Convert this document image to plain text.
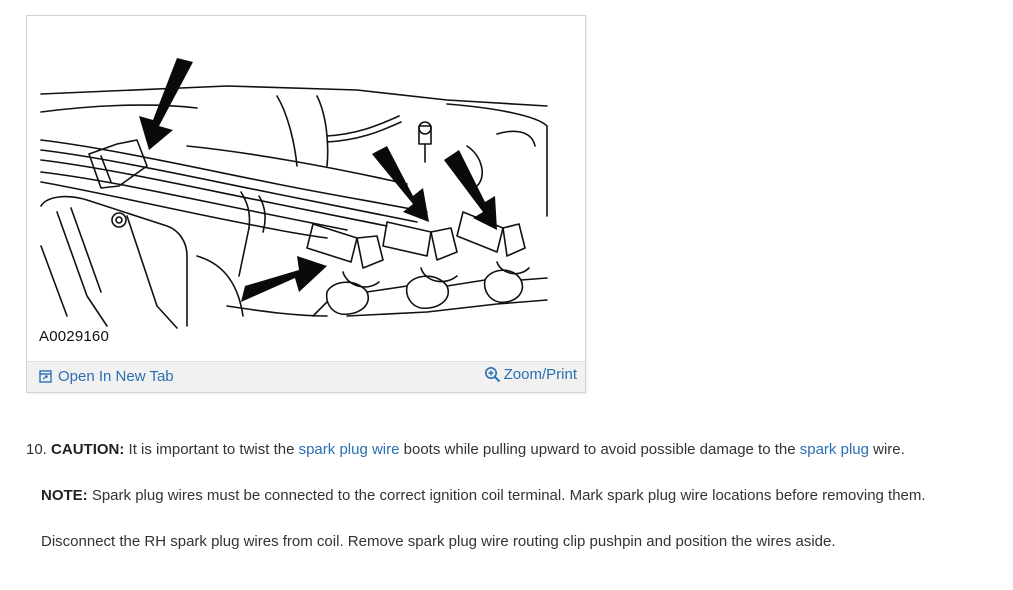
A0029160
Open In New Tab	Zoom/Print

10. CAUTION: It is important to twist the spark plug wire boots while pulling upward to avoid possible damage to the spark plug wire.

NOTE: Spark plug wires must be connected to the correct ignition coil terminal. Mark spark plug wire locations before removing them.

Disconnect the RH spark plug wires from coil. Remove spark plug wire routing clip pushpin and position the wires aside.
